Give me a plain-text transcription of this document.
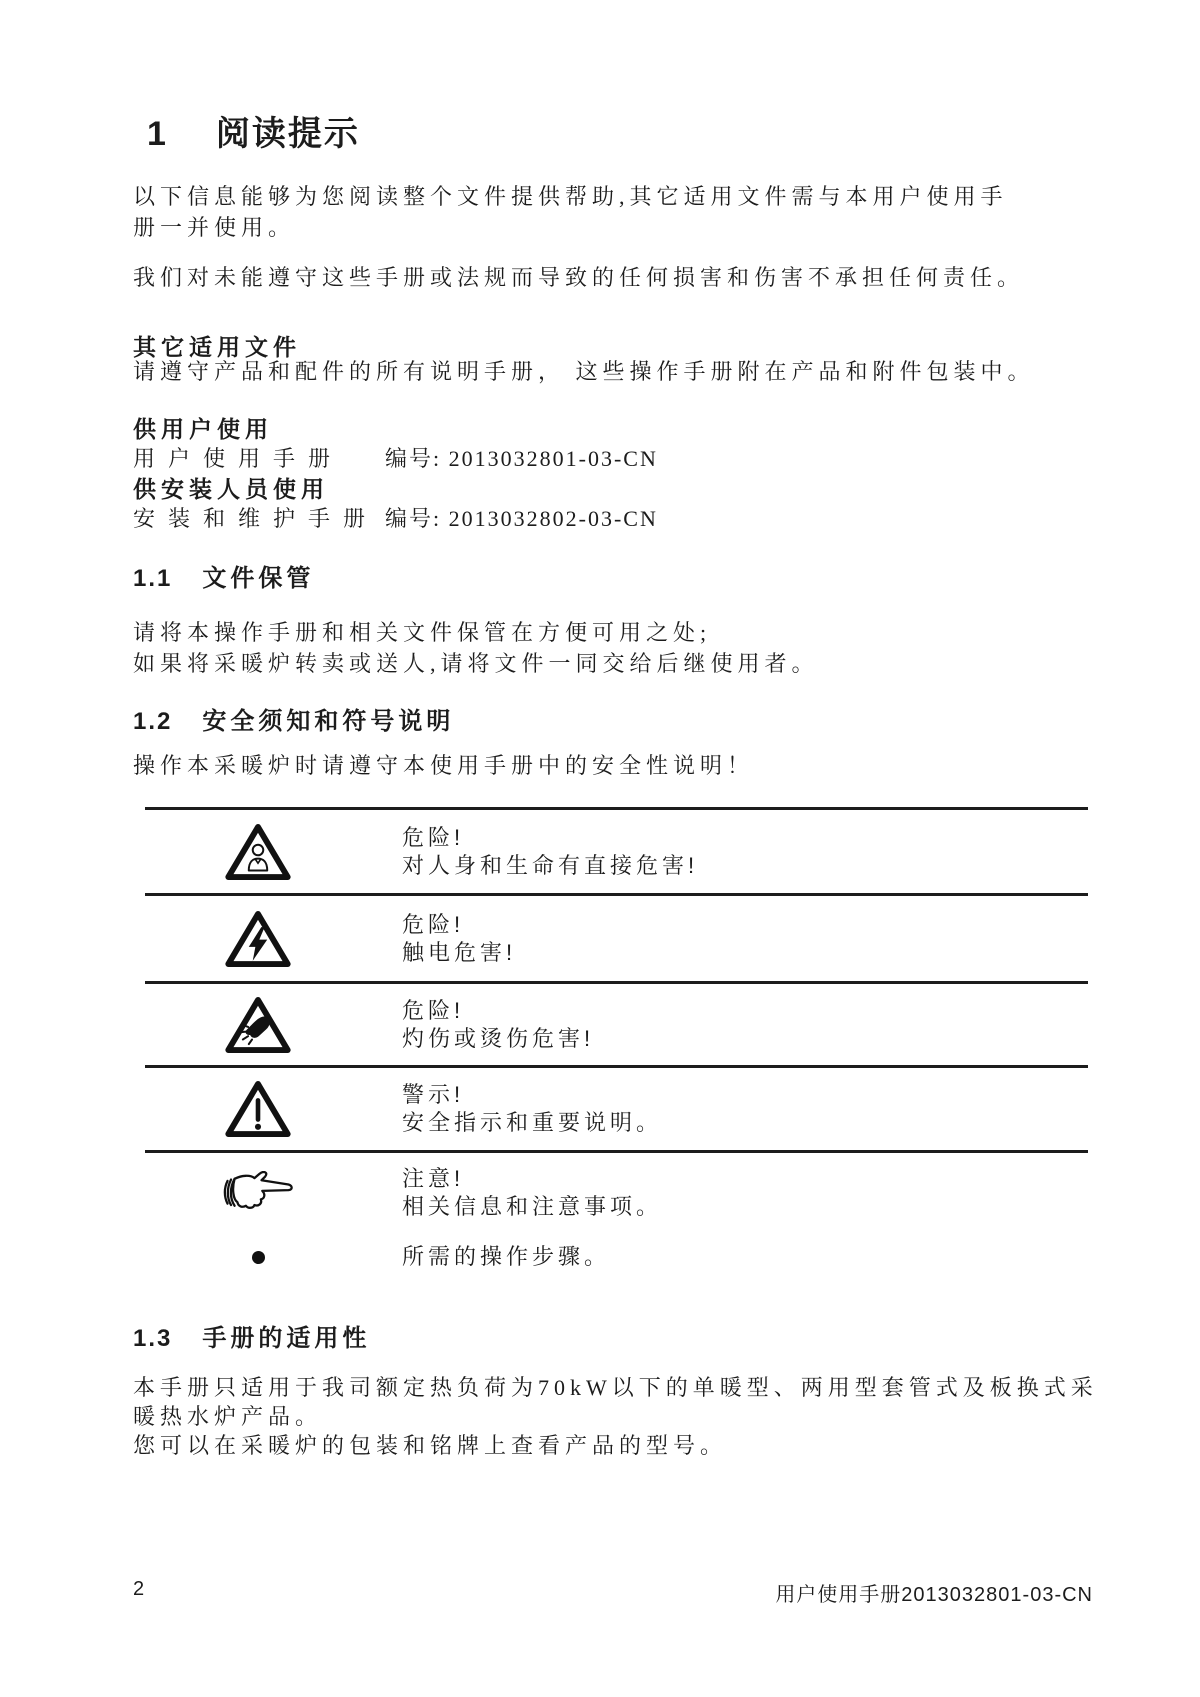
1 阅读提示
以下信息能够为您阅读整个文件提供帮助,其它适用文件需与本用户使用手
册一并使用。
我们对未能遵守这些手册或法规而导致的任何损害和伤害不承担任何责任。
其它适用文件
请遵守产品和配件的所有说明手册， 这些操作手册附在产品和附件包装中。
供用户使用
用户使用手册	编号: 2013032801-03-CN
供安装人员使用
安装和维护手册 编号: 2013032802-03-CN
1.1 文件保管
请将本操作手册和相关文件保管在方便可用之处;
如果将采暖炉转卖或送人,请将文件一同交给后继使用者。
1.2 安全须知和符号说明
操作本采暖炉时请遵守本使用手册中的安全性说明！
危险!
对人身和生命有直接危害!
危险!
触电危害!
危险!
灼伤或烫伤危害!
警示!
安全指示和重要说明。
注意!
相关信息和注意事项。
所需的操作步骤。
1.3 手册的适用性
本手册只适用于我司额定热负荷为70kW以下的单暖型、两用型套管式及板换式采
暖热水炉产品。
您可以在采暖炉的包装和铭牌上查看产品的型号。
2	用户使用手册2013032801-03-CN
